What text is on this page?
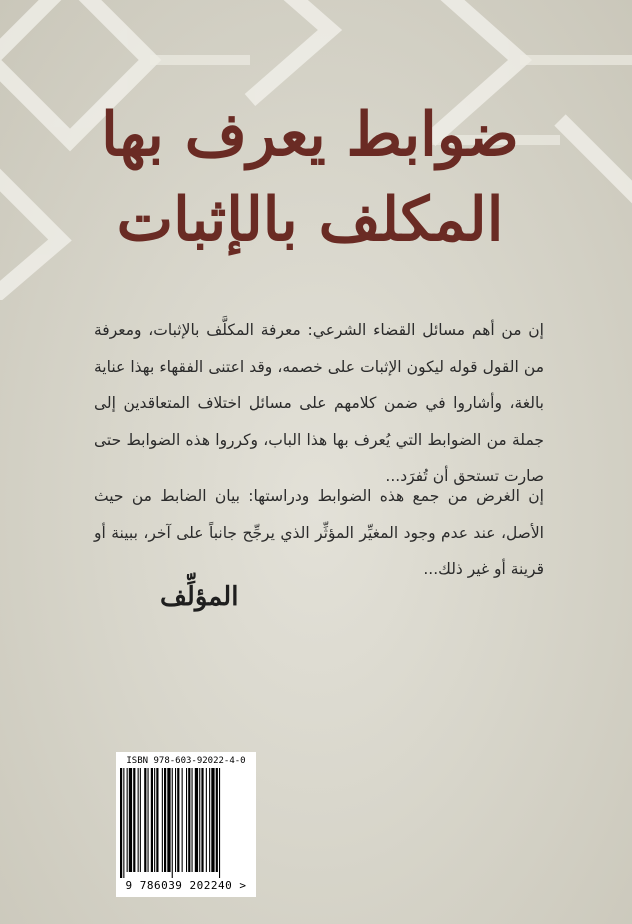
ضوابط يعرف بها
المكلف بالإثبات

إن من أهم مسائل القضاء الشرعي: معرفة المكلَّف بالإثبات، ومعرفة من القول قوله ليكون الإثبات على خصمه، وقد اعتنى الفقهاء بهذا عناية بالغة، وأشاروا في ضمن كلامهم على مسائل اختلاف المتعاقدين إلى جملة من الضوابط التي يُعرف بها هذا الباب، وكرروا هذه الضوابط حتى صارت تستحق أن تُفرَد...

إن الغرض من جمع هذه الضوابط ودراستها: بيان الضابط من حيث الأصل، عند عدم وجود المغيِّر المؤثِّر الذي يرجِّح جانباً على آخر، ببينة أو قرينة أو غير ذلك...

المؤلِّف
ISBN 978-603-92022-4-0
9 786039 202240 >
